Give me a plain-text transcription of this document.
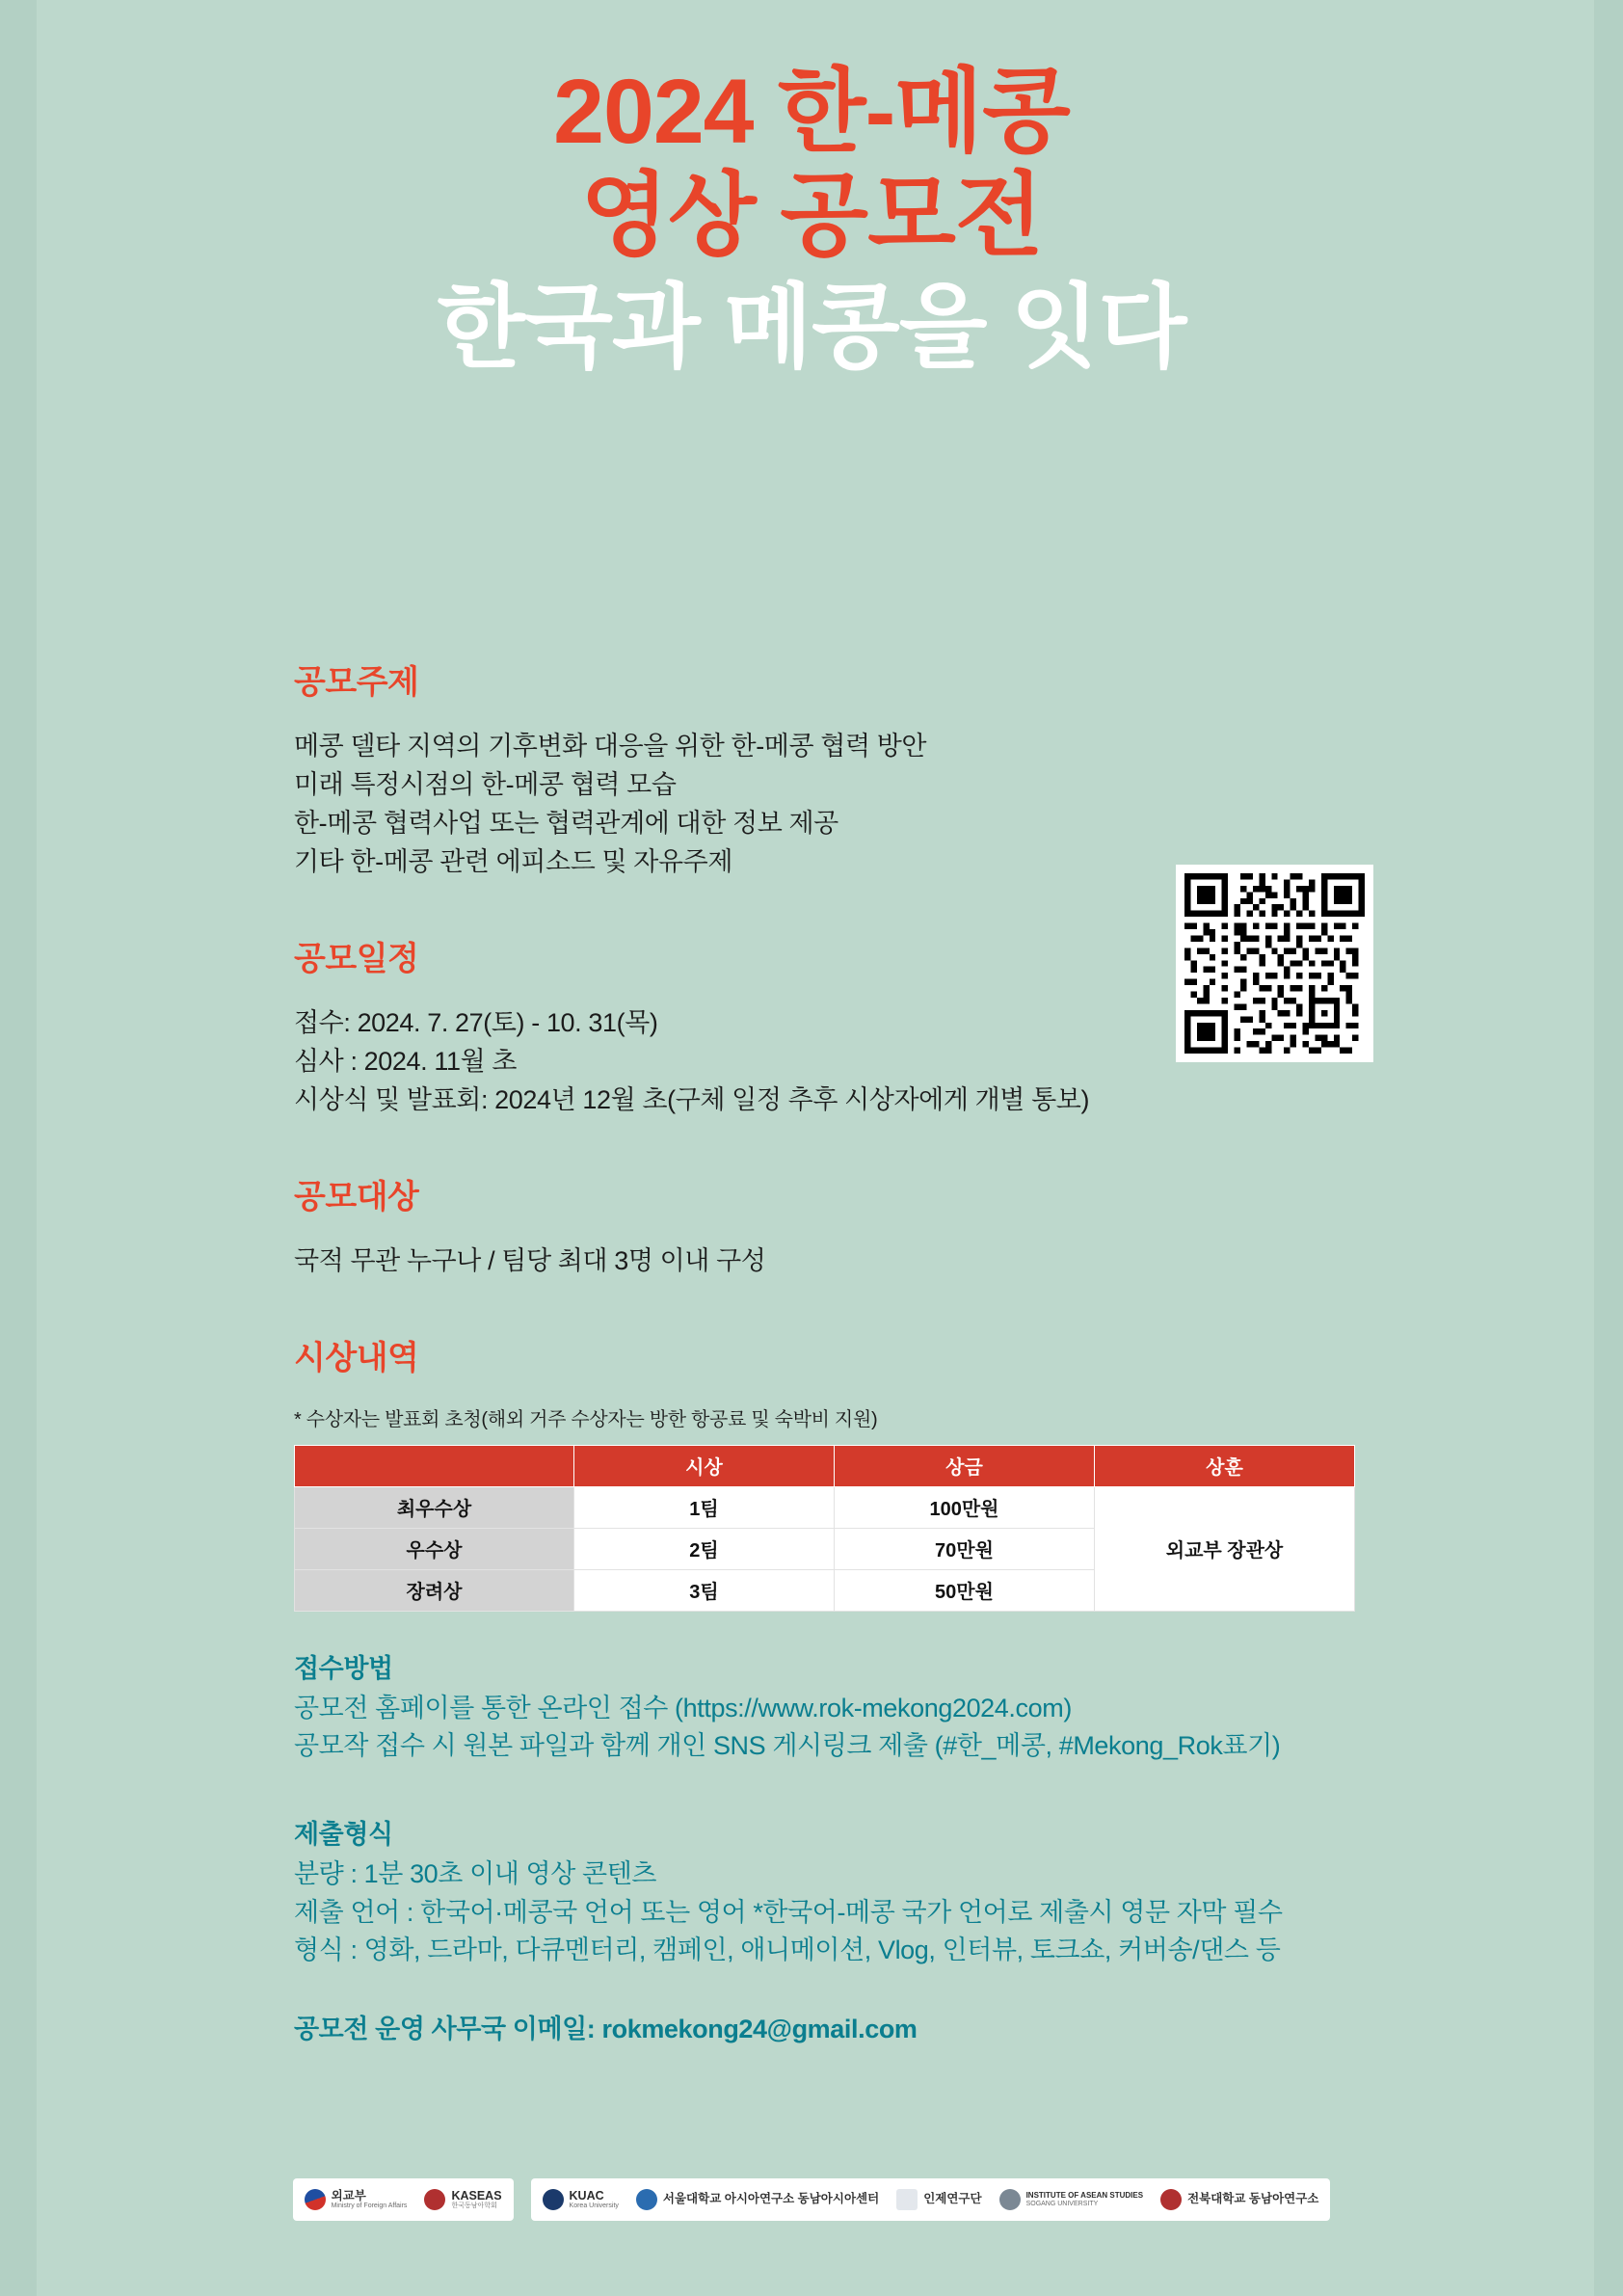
2024 한-메콩
영상 공모전
한국과 메콩을 잇다
공모주제
메콩 델타 지역의 기후변화 대응을 위한 한-메콩 협력 방안
미래 특정시점의 한-메콩 협력 모습
한-메콩 협력사업 또는 협력관계에 대한 정보 제공
기타 한-메콩 관련 에피소드 및 자유주제
공모일정
접수: 2024. 7. 27(토) - 10. 31(목)
심사 : 2024. 11월 초
시상식 및 발표회: 2024년 12월 초(구체 일정 추후 시상자에게 개별 통보)
공모대상
국적 무관 누구나 / 팀당 최대 3명 이내 구성
시상내역
* 수상자는 발표회 초청(해외 거주 수상자는 방한 항공료 및 숙박비 지원)
	시상	상금	상훈
최우수상	1팀	100만원	외교부 장관상
우수상	2팀	70만원	
장려상	3팀	50만원	
접수방법
공모전 홈페이를 통한 온라인 접수 (https://www.rok-mekong2024.com)
공모작 접수 시 원본 파일과 함께 개인 SNS 게시링크 제출 (#한_메콩, #Mekong_Rok표기)
제출형식
분량 : 1분 30초 이내 영상 콘텐츠
제출 언어 : 한국어·메콩국 언어 또는 영어 *한국어-메콩 국가 언어로 제출시 영문 자막 필수
형식 : 영화, 드라마, 다큐멘터리, 캠페인, 애니메이션, Vlog, 인터뷰, 토크쇼, 커버송/댄스 등
공모전 운영 사무국 이메일: rokmekong24@gmail.com
외교부
Ministry of Foreign Affairs
KASEAS
한국동남아학회
KUAC
Korea University	서울대학교 아시아연구소 동남아시아센터	인제연구단	INSTITUTE OF ASEAN STUDIES
SOGANG UNIVERSITY	전북대학교 동남아연구소
